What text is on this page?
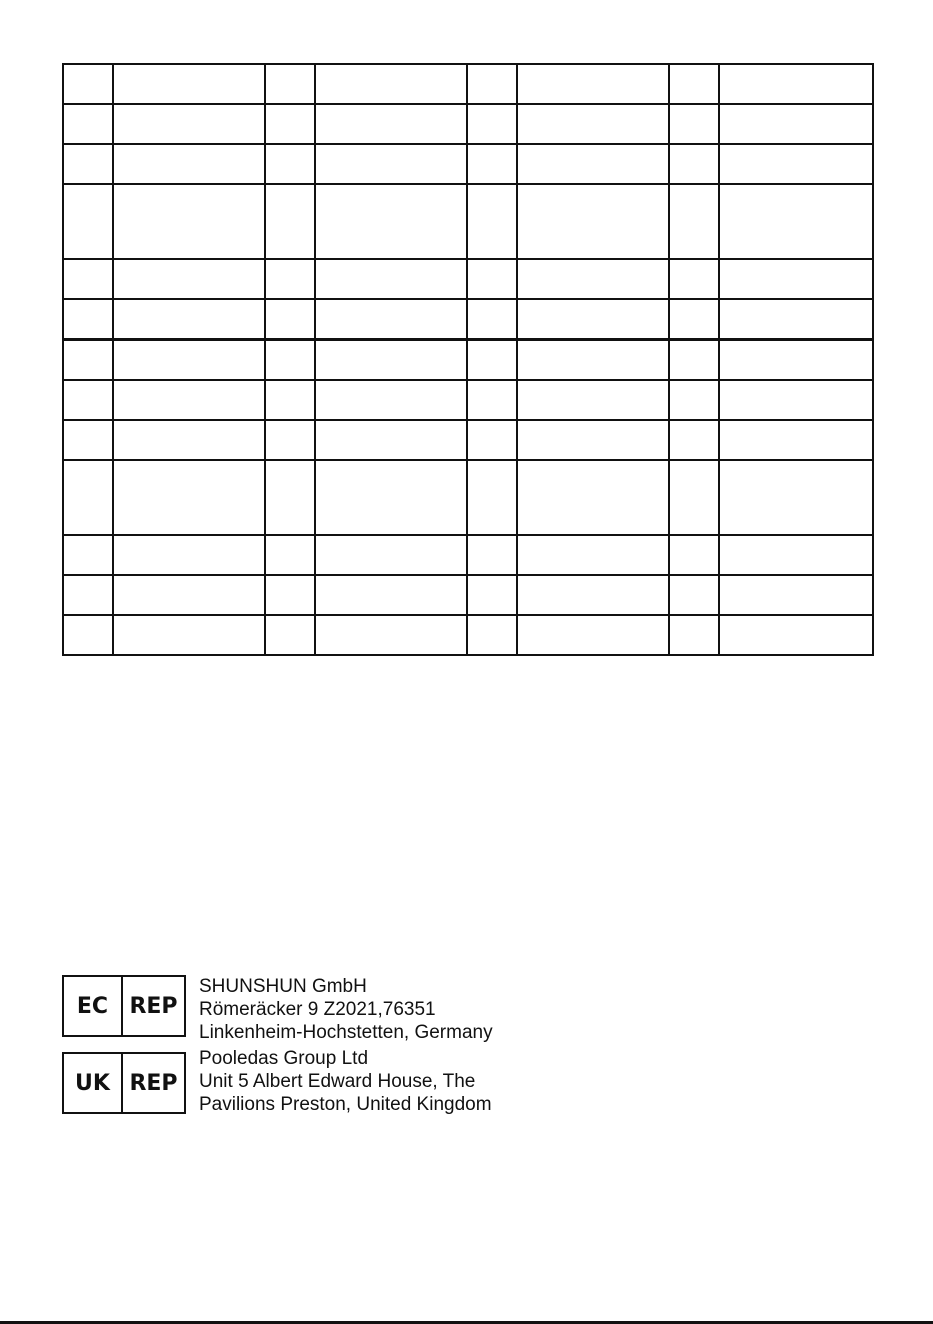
EC REP
SHUNSHUN GmbH
Römeräcker 9 Z2021,76351
Linkenheim-Hochstetten, Germany
UK REP
Pooledas Group Ltd
Unit 5 Albert Edward House, The
Pavilions Preston, United Kingdom
